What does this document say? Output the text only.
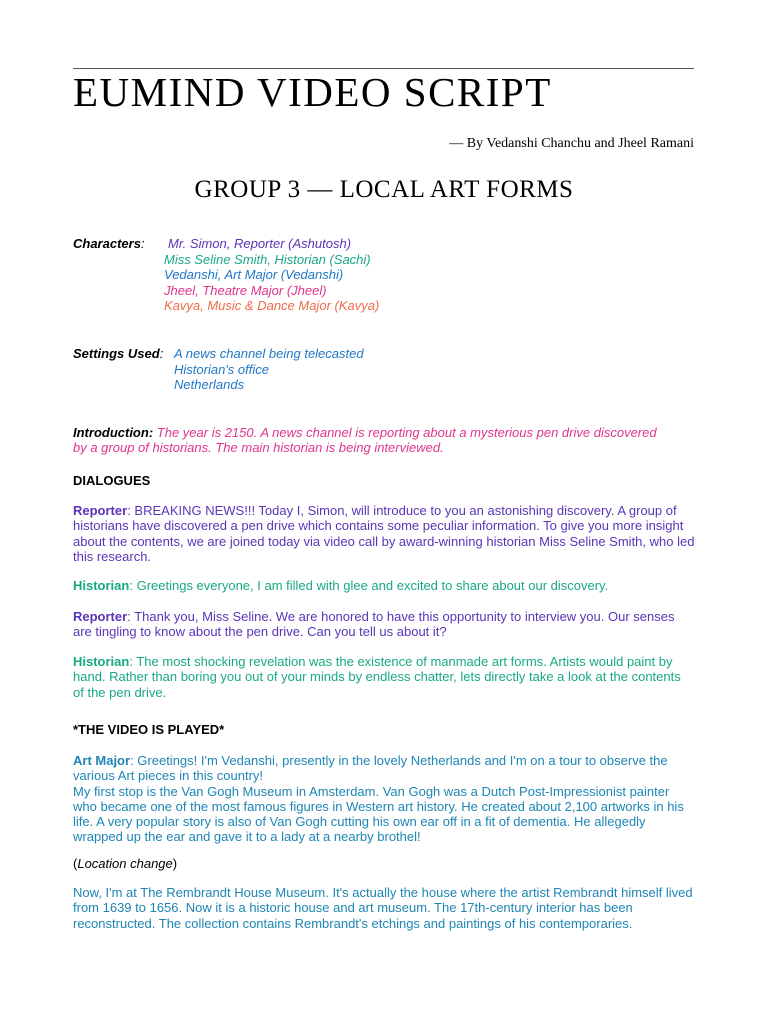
EUMIND VIDEO SCRIPT
— By Vedanshi Chanchu and Jheel Ramani
GROUP 3 — LOCAL ART FORMS
Characters:	Mr. Simon, Reporter (Ashutosh)
Miss Seline Smith, Historian (Sachi)
Vedanshi, Art Major (Vedanshi)
Jheel, Theatre Major (Jheel)
Kavya, Music & Dance Major (Kavya)
Settings Used: A news channel being telecasted
Historian's office
Netherlands
Introduction: The year is 2150. A news channel is reporting about a mysterious pen drive discovered by a group of historians. The main historian is being interviewed.
DIALOGUES
Reporter: BREAKING NEWS!!! Today I, Simon, will introduce to you an astonishing discovery. A group of historians have discovered a pen drive which contains some peculiar information. To give you more insight about the contents, we are joined today via video call by award-winning historian Miss Seline Smith, who led this research.
Historian: Greetings everyone, I am filled with glee and excited to share about our discovery.
Reporter: Thank you, Miss Seline. We are honored to have this opportunity to interview you. Our senses are tingling to know about the pen drive. Can you tell us about it?
Historian: The most shocking revelation was the existence of manmade art forms. Artists would paint by hand. Rather than boring you out of your minds by endless chatter, lets directly take a look at the contents of the pen drive.
*THE VIDEO IS PLAYED*
Art Major: Greetings! I'm Vedanshi, presently in the lovely Netherlands and I'm on a tour to observe the various Art pieces in this country!
My first stop is the Van Gogh Museum in Amsterdam. Van Gogh was a Dutch Post-Impressionist painter who became one of the most famous figures in Western art history. He created about 2,100 artworks in his life. A very popular story is also of Van Gogh cutting his own ear off in a fit of dementia. He allegedly wrapped up the ear and gave it to a lady at a nearby brothel!
(Location change)
Now, I'm at The Rembrandt House Museum. It's actually the house where the artist Rembrandt himself lived from 1639 to 1656. Now it is a historic house and art museum. The 17th-century interior has been reconstructed. The collection contains Rembrandt's etchings and paintings of his contemporaries.
